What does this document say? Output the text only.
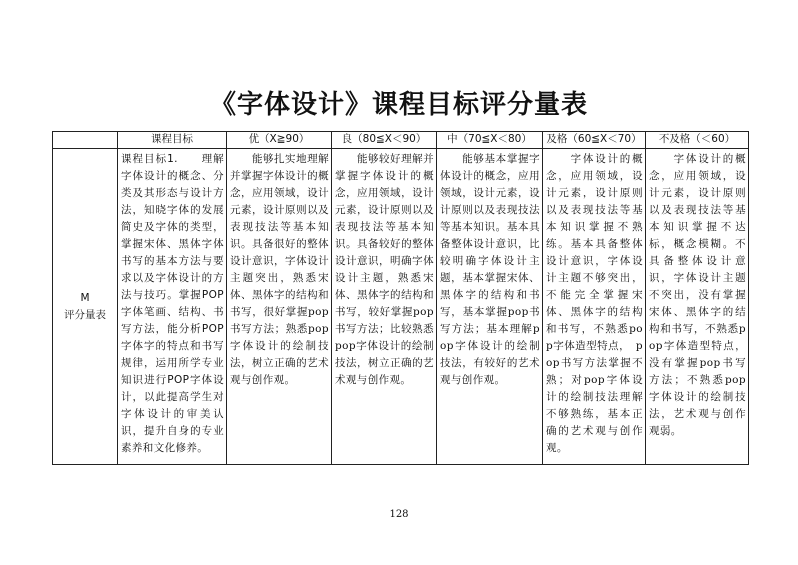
《字体设计》课程目标评分量表
	课程目标	优（X≧90）	良（80≦X＜90）	中（70≦X＜80）	及格（60≦X＜70）	不及格（＜60）

M
评分量表	课程目标1.　　理解字体设计的概念、分类及其形态与设计方法，知晓字体的发展简史及字体的类型，掌握宋体、黑体字体书写的基本方法与要求以及字体设计的方法与技巧。掌握POP字体笔画、结构、书写方法，能分析POP字体字的特点和书写规律，运用所学专业知识进行POP字体设计，以此提高学生对字体设计的审美认识，提升自身的专业素养和文化修养。	　　能够扎实地理解并掌握字体设计的概念，应用领域，设计元素，设计原则以及表现技法等基本知识。具备很好的整体设计意识，字体设计主题突出，熟悉宋体、黑体字的结构和书写，很好掌握pop书写方法；熟悉pop字体设计的绘制技法，树立正确的艺术观与创作观。	　　能够较好理解并掌握字体设计的概念，应用领域，设计元素，设计原则以及表现技法等基本知识。具备较好的整体设计意识，明确字体设计主题，熟悉宋体、黑体字的结构和书写，较好掌握pop书写方法；比较熟悉pop字体设计的绘制技法，树立正确的艺术观与创作观。	　　能够基本掌握字体设计的概念，应用领域，设计元素，设计原则以及表现技法等基本知识。基本具备整体设计意识，比较明确字体设计主题，基本掌握宋体、黑体字的结构和书写，基本掌握pop书写方法；基本理解pop字体设计的绘制技法，有较好的艺术观与创作观。	　　字体设计的概念，应用领域，设计元素，设计原则以及表现技法等基本知识掌握不熟练。基本具备整体设计意识，字体设计主题不够突出，不能完全掌握宋体、黑体字的结构和书写，不熟悉pop字体造型特点，　pop书写方法掌握不熟；对pop字体设计的绘制技法理解不够熟练，基本正确的艺术观与创作观。	　　字体设计的概念，应用领域，设计元素，设计原则以及表现技法等基本知识掌握不达标，概念模糊。不具备整体设计意识，字体设计主题不突出，没有掌握宋体、黑体字的结构和书写，不熟悉pop字体造型特点，没有掌握pop书写方法；不熟悉pop字体设计的绘制技法，艺术观与创作观弱。
128
